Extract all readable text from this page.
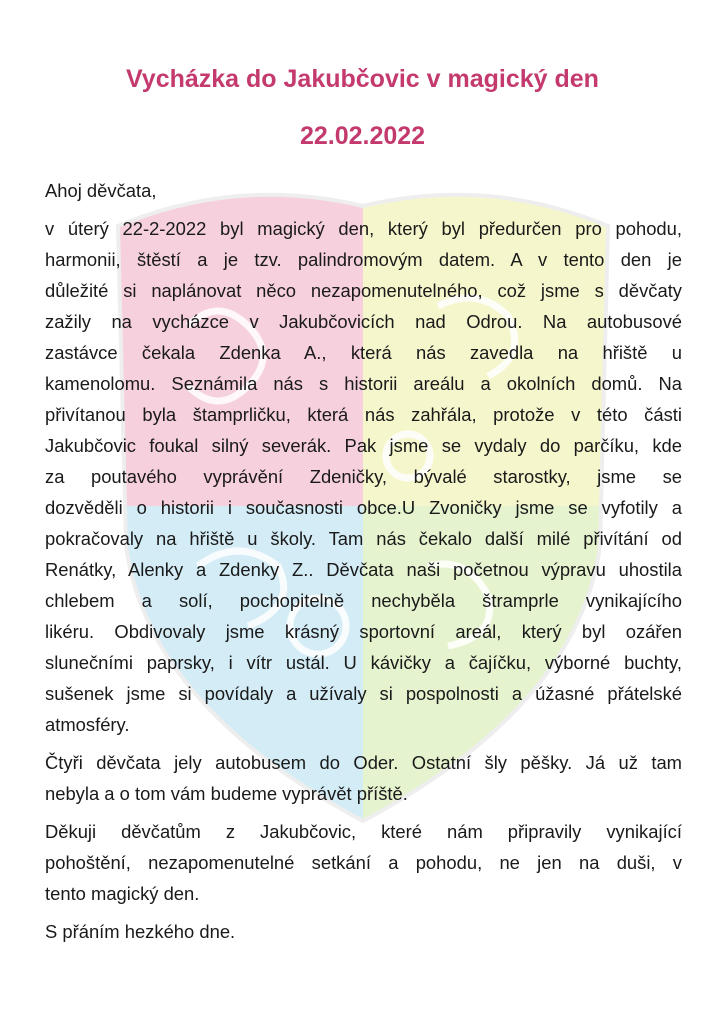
Vycházka do Jakubčovic v magický den
22.02.2022
Ahoj děvčata,
v úterý 22-2-2022 byl magický den, který byl předurčen pro pohodu,
harmonii, štěstí a je tzv. palindromovým datem. A v tento den je
důležité si naplánovat něco nezapomenutelného, což jsme s děvčaty
zažily na vycházce v Jakubčovicích nad Odrou. Na autobusové
zastávce čekala Zdenka A., která nás zavedla na hřiště u
kamenolomu. Seznámila nás s historii areálu a okolních domů. Na
přivítanou byla štamprličku, která nás zahřála, protože v této části
Jakubčovic foukal silný severák. Pak jsme se vydaly do parčíku, kde
za poutavého vyprávění Zdeničky, bývalé starostky, jsme se
dozvěděli o historii i současnosti obce.U Zvoničky jsme se vyfotily a
pokračovaly na hřiště u školy. Tam nás čekalo další milé přivítání od
Renátky, Alenky a Zdenky Z.. Děvčata naši početnou výpravu uhostila
chlebem a solí, pochopitelně nechyběla štramprle vynikajícího
likéru. Obdivovaly jsme krásný sportovní areál, který byl ozářen
slunečními paprsky, i vítr ustál. U kávičky a čajíčku, výborné buchty,
sušenek jsme si povídaly a užívaly si pospolnosti a úžasné přátelské
atmosféry.
Čtyři děvčata jely autobusem do Oder. Ostatní šly pěšky. Já už tam
nebyla a o tom vám budeme vyprávět příště.
Děkuji děvčatům z Jakubčovic, které nám připravily vynikající
pohoštění, nezapomenutelné setkání a pohodu, ne jen na duši, v
tento magický den.
S přáním hezkého dne.
